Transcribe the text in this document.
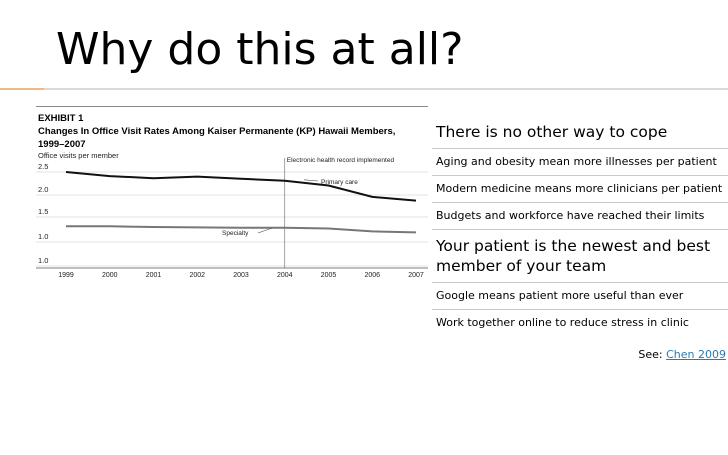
Why do this at all?
EXHIBIT 1
Changes In Office Visit Rates Among Kaiser Permanente (KP) Hawaii Members,
1999–2007
Office visits per member
2.5
2.0
1.5
1.0
1.0
1999	2000	2001	2002	2003	2004	2005	2006	2007
Electronic health record implemented
Primary care
Specialty
There is no other way to cope
Aging and obesity mean more illnesses per patient
Modern medicine means more clinicians per patient
Budgets and workforce have reached their limits
Your patient is the newest and best member of your team
Google means patient more useful than ever
Work together online to reduce stress in clinic
See: Chen 2009
